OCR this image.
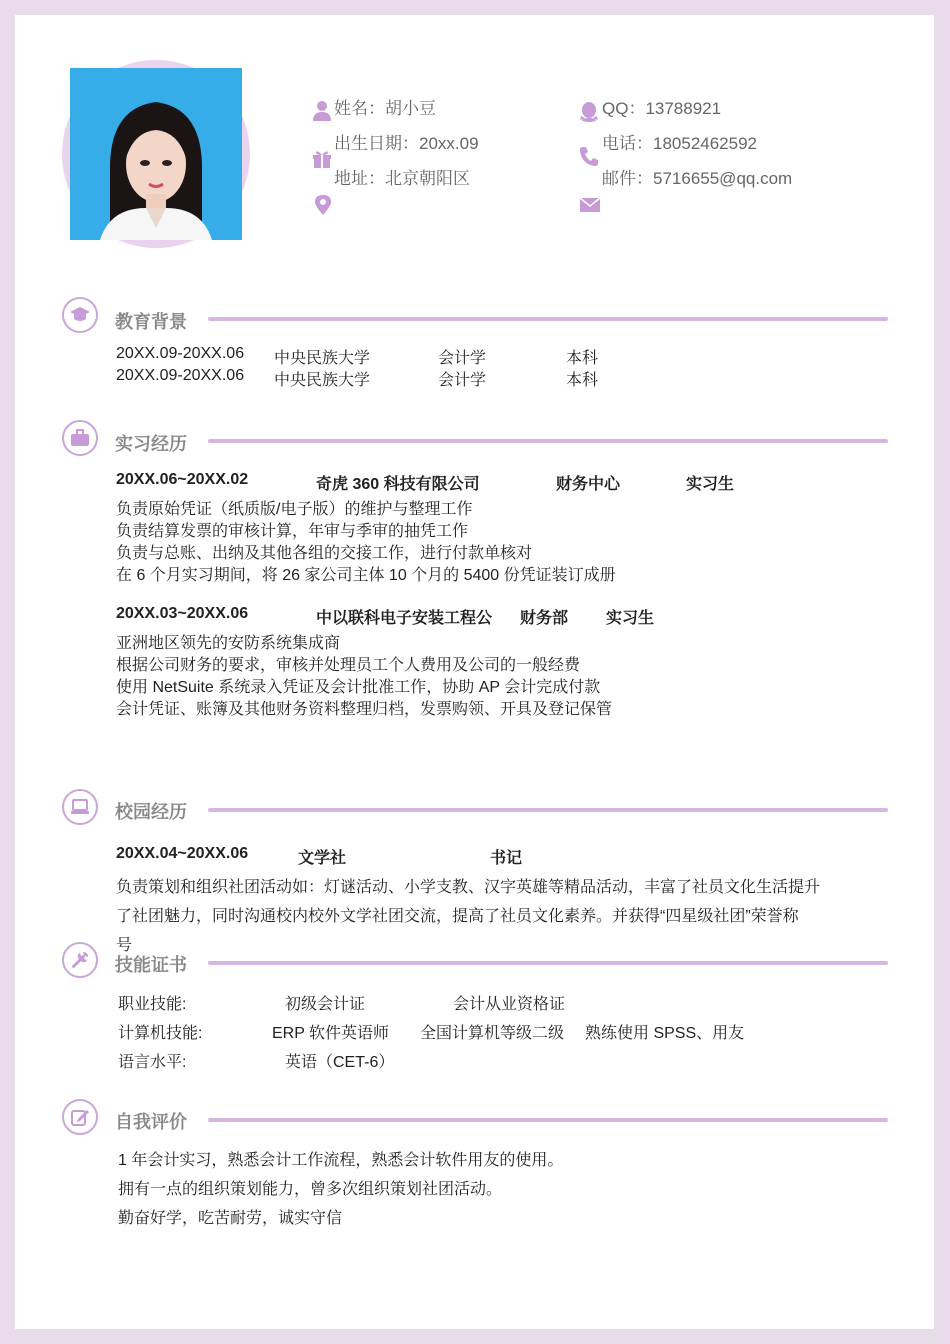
姓名：胡小豆
出生日期：20xx.09
地址：北京朝阳区
QQ：13788921
电话：18052462592
邮件：5716655@qq.com
教育背景
20XX.09-20XX.06 中央民族大学	会计学	本科
20XX.09-20XX.06 中央民族大学	会计学	本科
实习经历
20XX.06~20XX.02	奇虎 360 科技有限公司	财务中心	实习生
负责原始凭证（纸质版/电子版）的维护与整理工作
负责结算发票的审核计算，年审与季审的抽凭工作
负责与总账、出纳及其他各组的交接工作，进行付款单核对
在 6 个月实习期间，将 26 家公司主体 10 个月的 5400 份凭证装订成册
20XX.03~20XX.06	中以联科电子安装工程公 财务部 实习生
亚洲地区领先的安防系统集成商
根据公司财务的要求，审核并处理员工个人费用及公司的一般经费
使用 NetSuite 系统录入凭证及会计批准工作，协助 AP 会计完成付款
会计凭证、账簿及其他财务资料整理归档，发票购领、开具及登记保管
校园经历
20XX.04~20XX.06	文学社	书记
负责策划和组织社团活动如：灯谜活动、小学支教、汉字英雄等精品活动，丰富了社员文化生活提升
了社团魅力，同时沟通校内校外文学社团交流，提高了社员文化素养。并获得“四星级社团”荣誉称
技能证书
职业技能:	初级会计证	会计从业资格证
计算机技能:	ERP 软件英语师 全国计算机等级二级 熟练使用 SPSS、用友
语言水平:	英语（CET-6）
自我评价
1 年会计实习，熟悉会计工作流程，熟悉会计软件用友的使用。
拥有一点的组织策划能力，曾多次组织策划社团活动。
勤奋好学，吃苦耐劳，诚实守信
